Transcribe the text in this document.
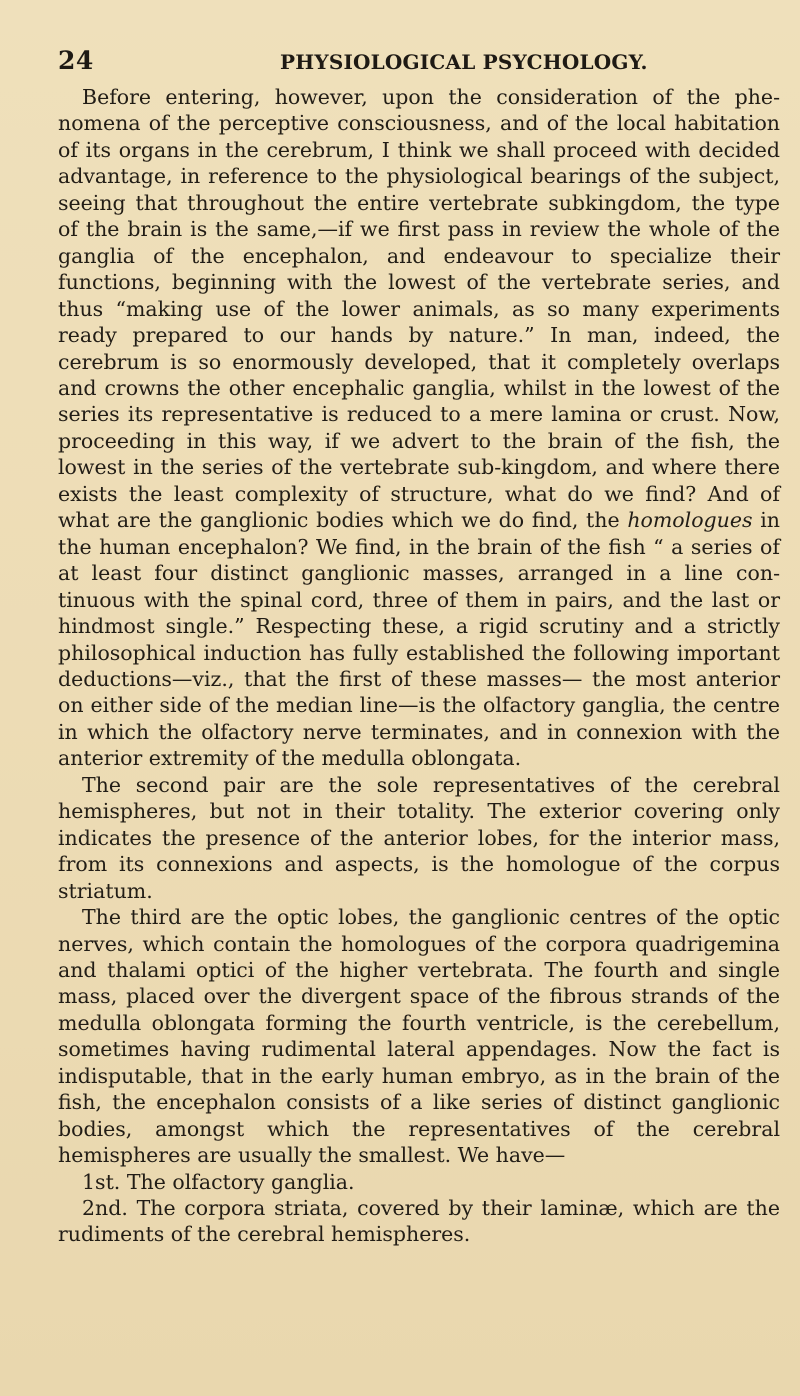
24	PHYSIOLOGICAL PSYCHOLOGY.

Before entering, however, upon the consideration of the phenomena of the perceptive consciousness, and of the local habitation of its organs in the cerebrum, I think we shall proceed with decided advantage, in reference to the physiological bearings of the subject, seeing that throughout the entire vertebrate subkingdom, the type of the brain is the same,—if we first pass in review the whole of the ganglia of the encephalon, and endeavour to specialize their functions, beginning with the lowest of the vertebrate series, and thus “making use of the lower animals, as so many experiments ready prepared to our hands by nature.” In man, indeed, the cerebrum is so enormously developed, that it completely overlaps and crowns the other encephalic ganglia, whilst in the lowest of the series its representative is reduced to a mere lamina or crust. Now, proceeding in this way, if we advert to the brain of the fish, the lowest in the series of the vertebrate sub-kingdom, and where there exists the least complexity of structure, what do we find? And of what are the ganglionic bodies which we do find, the homologues in the human encephalon? We find, in the brain of the fish “ a series of at least four distinct ganglionic masses, arranged in a line continuous with the spinal cord, three of them in pairs, and the last or hindmost single.” Respecting these, a rigid scrutiny and a strictly philosophical induction has fully established the following important deductions—viz., that the first of these masses— the most anterior on either side of the median line—is the olfactory ganglia, the centre in which the olfactory nerve terminates, and in connexion with the anterior extremity of the medulla oblongata.

The second pair are the sole representatives of the cerebral hemispheres, but not in their totality. The exterior covering only indicates the presence of the anterior lobes, for the interior mass, from its connexions and aspects, is the homologue of the corpus striatum.

The third are the optic lobes, the ganglionic centres of the optic nerves, which contain the homologues of the corpora quadrigemina and thalami optici of the higher vertebrata. The fourth and single mass, placed over the divergent space of the fibrous strands of the medulla oblongata forming the fourth ventricle, is the cerebellum, sometimes having rudimental lateral appendages. Now the fact is indisputable, that in the early human embryo, as in the brain of the fish, the encephalon consists of a like series of distinct ganglionic bodies, amongst which the representatives of the cerebral hemispheres are usually the smallest. We have—

1st. The olfactory ganglia.

2nd. The corpora striata, covered by their laminæ, which are the rudiments of the cerebral hemispheres.
